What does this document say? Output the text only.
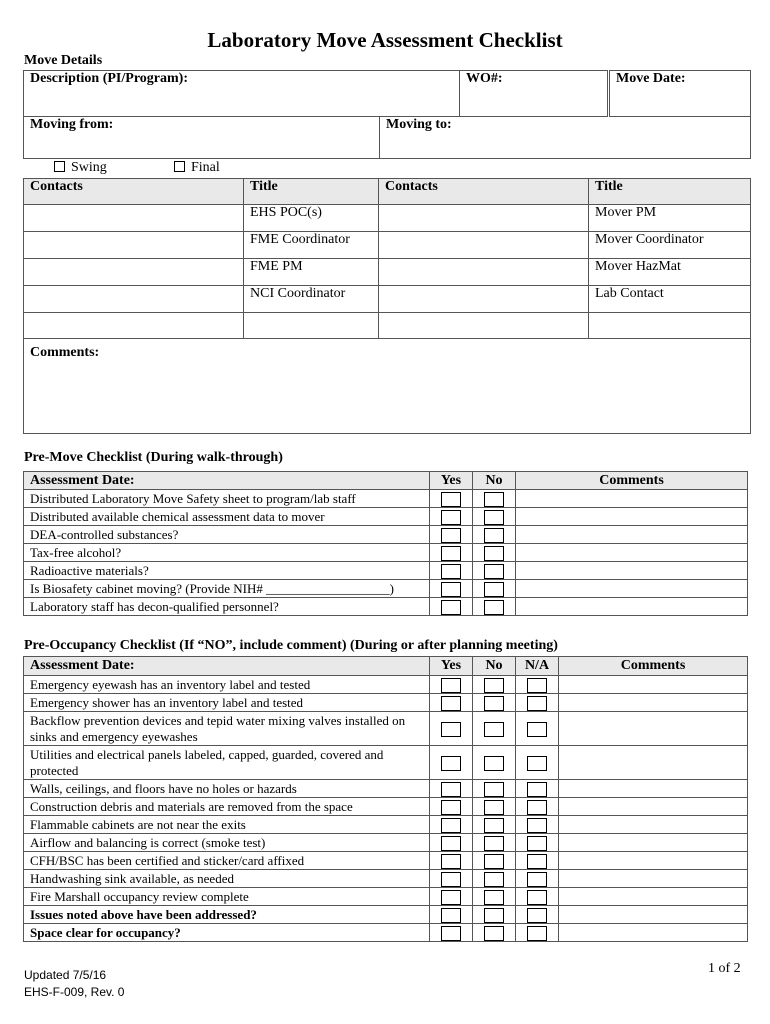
Laboratory Move Assessment Checklist
Move Details
Description (PI/Program):		WO#:	Move Date:
Moving from:	Moving to:		
Swing	Final
Contacts	Title	Contacts	Title
	EHS POC(s)		Mover PM
	FME Coordinator		Mover Coordinator
	FME PM		Mover HazMat
	NCI Coordinator		Lab Contact

Comments:			
Pre-Move Checklist (During walk-through)
Assessment Date:	Yes	No	Comments
Distributed Laboratory Move Safety sheet to program/lab staff			
Distributed available chemical assessment data to mover			
DEA-controlled substances?			
Tax-free alcohol?			
Radioactive materials?			
Is Biosafety cabinet moving? (Provide NIH# ___________________)			
Laboratory staff has decon-qualified personnel?			
Pre-Occupancy Checklist (If “NO”, include comment) (During or after planning meeting)
Assessment Date:	Yes	No	N/A	Comments
Emergency eyewash has an inventory label and tested				
Emergency shower has an inventory label and tested				
Backflow prevention devices and tepid water mixing valves installed on sinks and emergency eyewashes				
Utilities and electrical panels labeled, capped, guarded, covered and protected				
Walls, ceilings, and floors have no holes or hazards				
Construction debris and materials are removed from the space				
Flammable cabinets are not near the exits				
Airflow and balancing is correct (smoke test)				
CFH/BSC has been certified and sticker/card affixed				
Handwashing sink available, as needed				
Fire Marshall occupancy review complete				
Issues noted above have been addressed?				
Space clear for occupancy?				
Updated 7/5/16
EHS-F-009, Rev. 0
1 of 2
